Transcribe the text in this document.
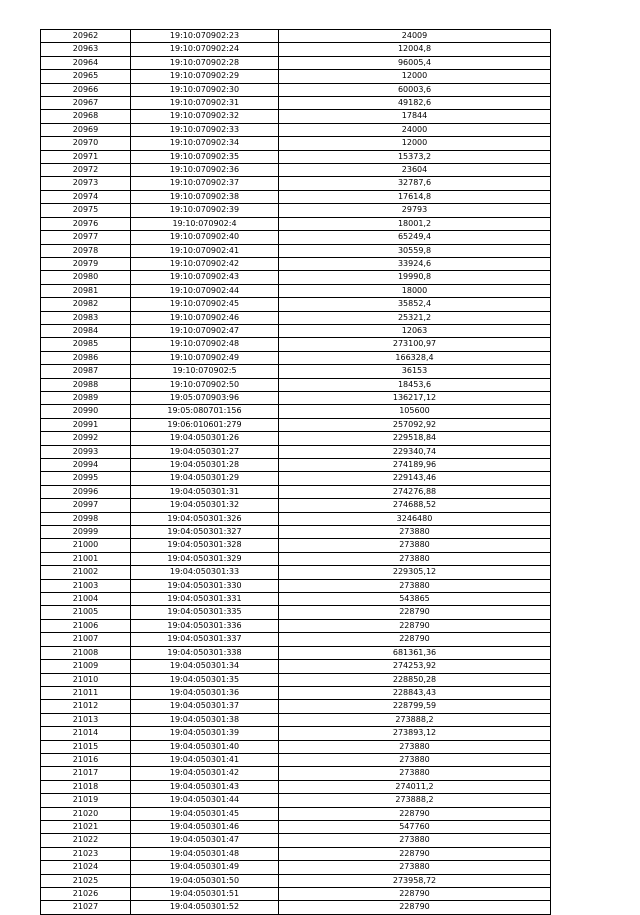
20962	19:10:070902:23	24009
20963	19:10:070902:24	12004,8
20964	19:10:070902:28	96005,4
20965	19:10:070902:29	12000
20966	19:10:070902:30	60003,6
20967	19:10:070902:31	49182,6
20968	19:10:070902:32	17844
20969	19:10:070902:33	24000
20970	19:10:070902:34	12000
20971	19:10:070902:35	15373,2
20972	19:10:070902:36	23604
20973	19:10:070902:37	32787,6
20974	19:10:070902:38	17614,8
20975	19:10:070902:39	29793
20976	19:10:070902:4	18001,2
20977	19:10:070902:40	65249,4
20978	19:10:070902:41	30559,8
20979	19:10:070902:42	33924,6
20980	19:10:070902:43	19990,8
20981	19:10:070902:44	18000
20982	19:10:070902:45	35852,4
20983	19:10:070902:46	25321,2
20984	19:10:070902:47	12063
20985	19:10:070902:48	273100,97
20986	19:10:070902:49	166328,4
20987	19:10:070902:5	36153
20988	19:10:070902:50	18453,6
20989	19:05:070903:96	136217,12
20990	19:05:080701:156	105600
20991	19:06:010601:279	257092,92
20992	19:04:050301:26	229518,84
20993	19:04:050301:27	229340,74
20994	19:04:050301:28	274189,96
20995	19:04:050301:29	229143,46
20996	19:04:050301:31	274276,88
20997	19:04:050301:32	274688,52
20998	19:04:050301:326	3246480
20999	19:04:050301:327	273880
21000	19:04:050301:328	273880
21001	19:04:050301:329	273880
21002	19:04:050301:33	229305,12
21003	19:04:050301:330	273880
21004	19:04:050301:331	543865
21005	19:04:050301:335	228790
21006	19:04:050301:336	228790
21007	19:04:050301:337	228790
21008	19:04:050301:338	681361,36
21009	19:04:050301:34	274253,92
21010	19:04:050301:35	228850,28
21011	19:04:050301:36	228843,43
21012	19:04:050301:37	228799,59
21013	19:04:050301:38	273888,2
21014	19:04:050301:39	273893,12
21015	19:04:050301:40	273880
21016	19:04:050301:41	273880
21017	19:04:050301:42	273880
21018	19:04:050301:43	274011,2
21019	19:04:050301:44	273888,2
21020	19:04:050301:45	228790
21021	19:04:050301:46	547760
21022	19:04:050301:47	273880
21023	19:04:050301:48	228790
21024	19:04:050301:49	273880
21025	19:04:050301:50	273958,72
21026	19:04:050301:51	228790
21027	19:04:050301:52	228790
